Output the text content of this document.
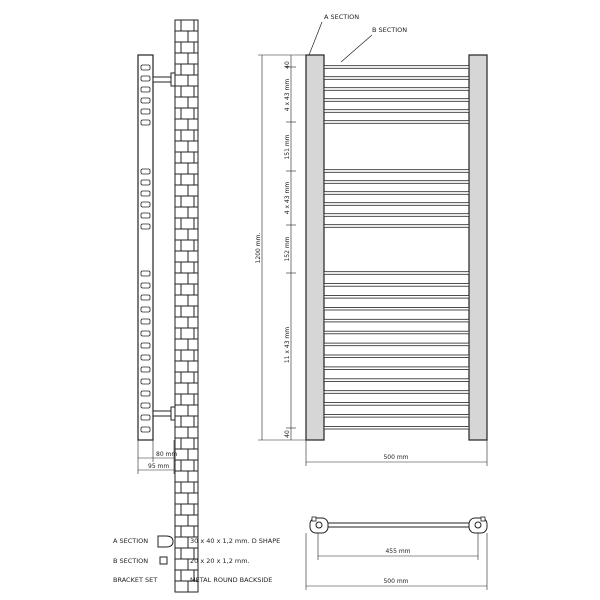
80 mm
95 mm
A SECTION
B SECTION
40
4 x 43 mm
151 mm
4 x 43 mm
152 mm
11 x 43 mm
40
1200 mm.
500 mm
455 mm
500 mm
A SECTION	30 x 40 x 1,2 mm. D SHAPE
B SECTION	20 x 20 x 1,2 mm.
BRACKET SET	METAL ROUND BACKSIDE
